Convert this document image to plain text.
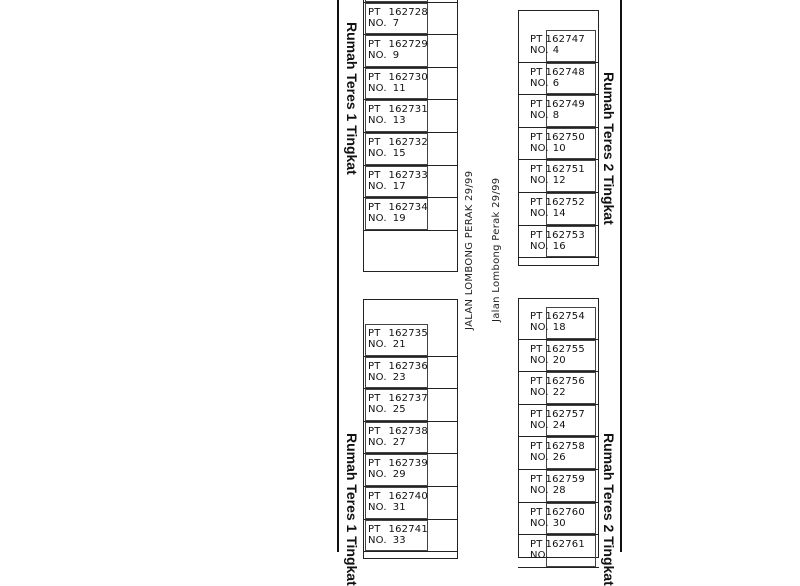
PT 162728
NO. 7
PT 162729
NO. 9
PT 162730
NO. 11
PT 162731
NO. 13
PT 162732
NO. 15
PT 162733
NO. 17
PT 162734
NO. 19
PT 162735
NO. 21
PT 162736
NO. 23
PT 162737
NO. 25
PT 162738
NO. 27
PT 162739
NO. 29
PT 162740
NO. 31
PT 162741
NO. 33
PT 162747
NO. 4
PT 162748
NO. 6
PT 162749
NO. 8
PT 162750
NO. 10
PT 162751
NO. 12
PT 162752
NO. 14
PT 162753
NO. 16
PT 162754
NO. 18
PT 162755
NO. 20
PT 162756
NO. 22
PT 162757
NO. 24
PT 162758
NO. 26
PT 162759
NO. 28
PT 162760
NO. 30
PT 162761
NO.
Rumah Teres 1 Tingkat
Rumah Teres 1 Tingkat
Rumah Teres 2 Tingkat
Rumah Teres 2 Tingkat
JALAN LOMBONG PERAK 29/99 Jalan Lombong Perak 29/99
